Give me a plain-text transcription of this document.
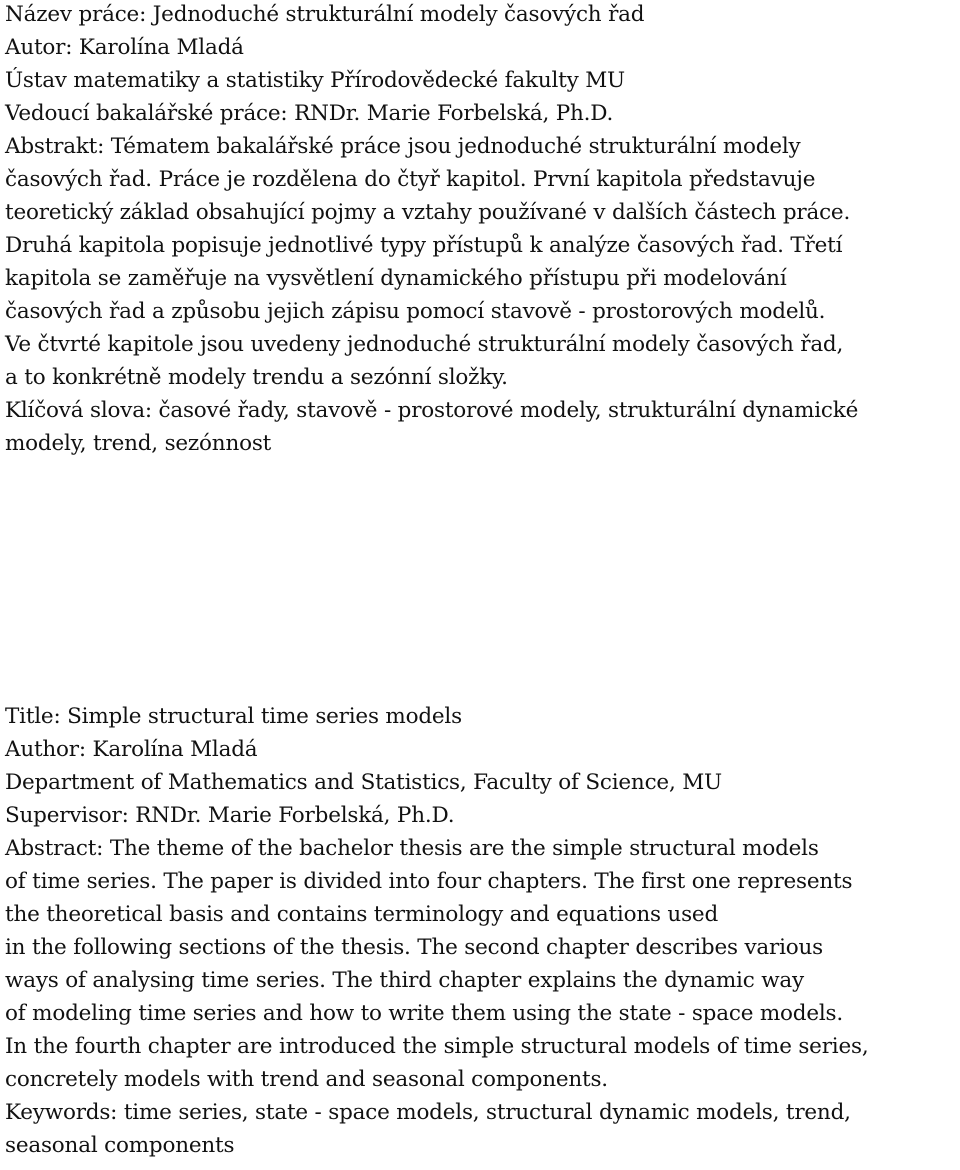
Název práce: Jednoduché strukturální modely časových řad
Autor: Karolína Mladá
Ústav matematiky a statistiky Přírodovědecké fakulty MU
Vedoucí bakalářské práce: RNDr. Marie Forbelská, Ph.D.
Abstrakt: Tématem bakalářské práce jsou jednoduché strukturální modely
časových řad. Práce je rozdělena do čtyř kapitol. První kapitola představuje
teoretický základ obsahující pojmy a vztahy používané v dalších částech práce.
Druhá kapitola popisuje jednotlivé typy přístupů k analýze časových řad. Třetí
kapitola se zaměřuje na vysvětlení dynamického přístupu při modelování
časových řad a způsobu jejich zápisu pomocí stavově - prostorových modelů.
Ve čtvrté kapitole jsou uvedeny jednoduché strukturální modely časových řad,
a to konkrétně modely trendu a sezónní složky.
Klíčová slova: časové řady, stavově - prostorové modely, strukturální dynamické
modely, trend, sezónnost
Title: Simple structural time series models
Author: Karolína Mladá
Department of Mathematics and Statistics, Faculty of Science, MU
Supervisor: RNDr. Marie Forbelská, Ph.D.
Abstract: The theme of the bachelor thesis are the simple structural models
of time series. The paper is divided into four chapters. The first one represents
the theoretical basis and contains terminology and equations used
in the following sections of the thesis. The second chapter describes various
ways of analysing time series. The third chapter explains the dynamic way
of modeling time series and how to write them using the state - space models.
In the fourth chapter are introduced the simple structural models of time series,
concretely models with trend and seasonal components.
Keywords: time series, state - space models, structural dynamic models, trend,
seasonal components
